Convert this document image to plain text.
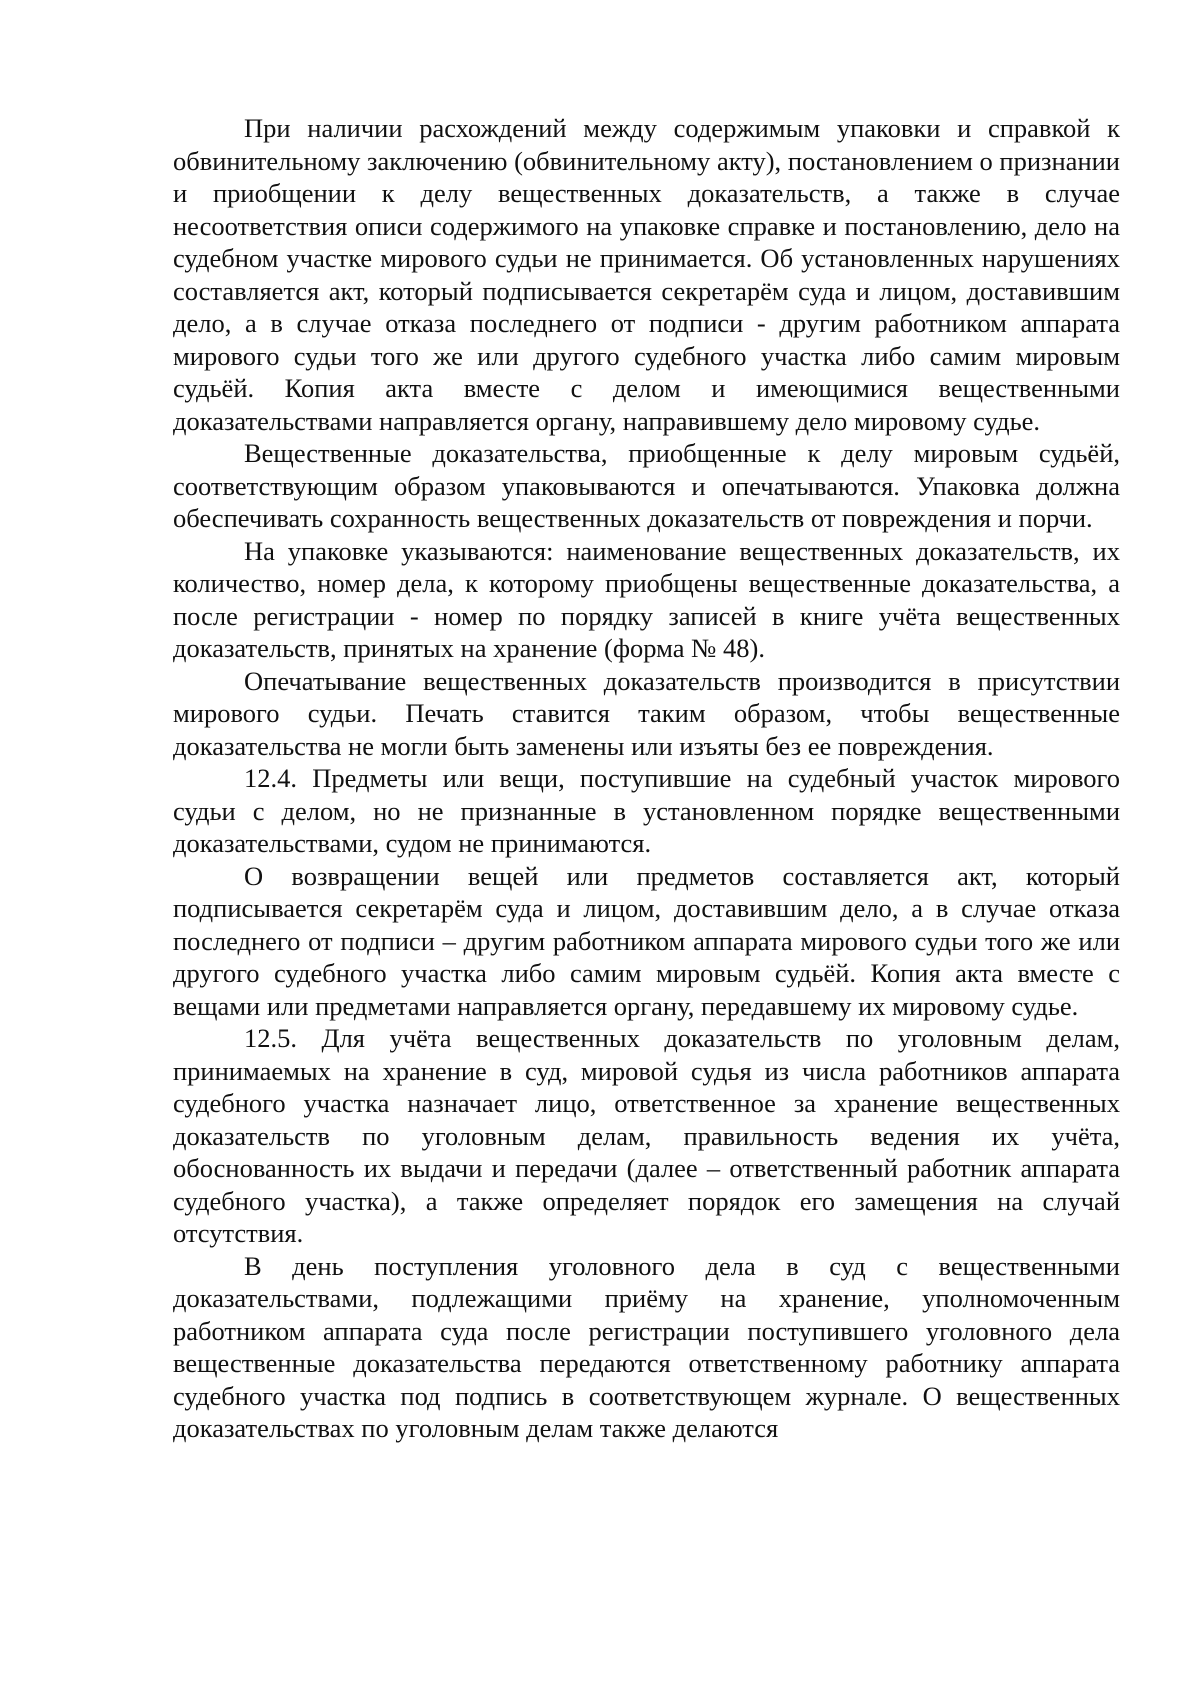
При наличии расхождений между содержимым упаковки и справкой к обвинительному заключению (обвинительному акту), постановлением о признании и приобщении к делу вещественных доказательств, а также в случае несоответствия описи содержимого на упаковке справке и постановлению, дело на судебном участке мирового судьи не принимается. Об установленных нарушениях составляется акт, который подписывается секретарём суда и лицом, доставившим дело, а в случае отказа последнего от подписи - другим работником аппарата мирового судьи того же или другого судебного участка либо самим мировым судьёй. Копия акта вместе с делом и имеющимися вещественными доказательствами направляется органу, направившему дело мировому судье.

Вещественные доказательства, приобщенные к делу мировым судьёй, соответствующим образом упаковываются и опечатываются. Упаковка должна обеспечивать сохранность вещественных доказательств от повреждения и порчи.

На упаковке указываются: наименование вещественных доказательств, их количество, номер дела, к которому приобщены вещественные доказательства, а после регистрации - номер по порядку записей в книге учёта вещественных доказательств, принятых на хранение (форма № 48).

Опечатывание вещественных доказательств производится в присутствии мирового судьи. Печать ставится таким образом, чтобы вещественные доказательства не могли быть заменены или изъяты без ее повреждения.

12.4. Предметы или вещи, поступившие на судебный участок мирового судьи с делом, но не признанные в установленном порядке вещественными доказательствами, судом не принимаются.

О возвращении вещей или предметов составляется акт, который подписывается секретарём суда и лицом, доставившим дело, а в случае отказа последнего от подписи – другим работником аппарата мирового судьи того же или другого судебного участка либо самим мировым судьёй. Копия акта вместе с вещами или предметами направляется органу, передавшему их мировому судье.

12.5. Для учёта вещественных доказательств по уголовным делам, принимаемых на хранение в суд, мировой судья из числа работников аппарата судебного участка назначает лицо, ответственное за хранение вещественных доказательств по уголовным делам, правильность ведения их учёта, обоснованность их выдачи и передачи (далее – ответственный работник аппарата судебного участка), а также определяет порядок его замещения на случай отсутствия.

В день поступления уголовного дела в суд с вещественными доказательствами, подлежащими приёму на хранение, уполномоченным работником аппарата суда после регистрации поступившего уголовного дела вещественные доказательства передаются ответственному работнику аппарата судебного участка под подпись в соответствующем журнале. О вещественных доказательствах по уголовным делам также делаются
